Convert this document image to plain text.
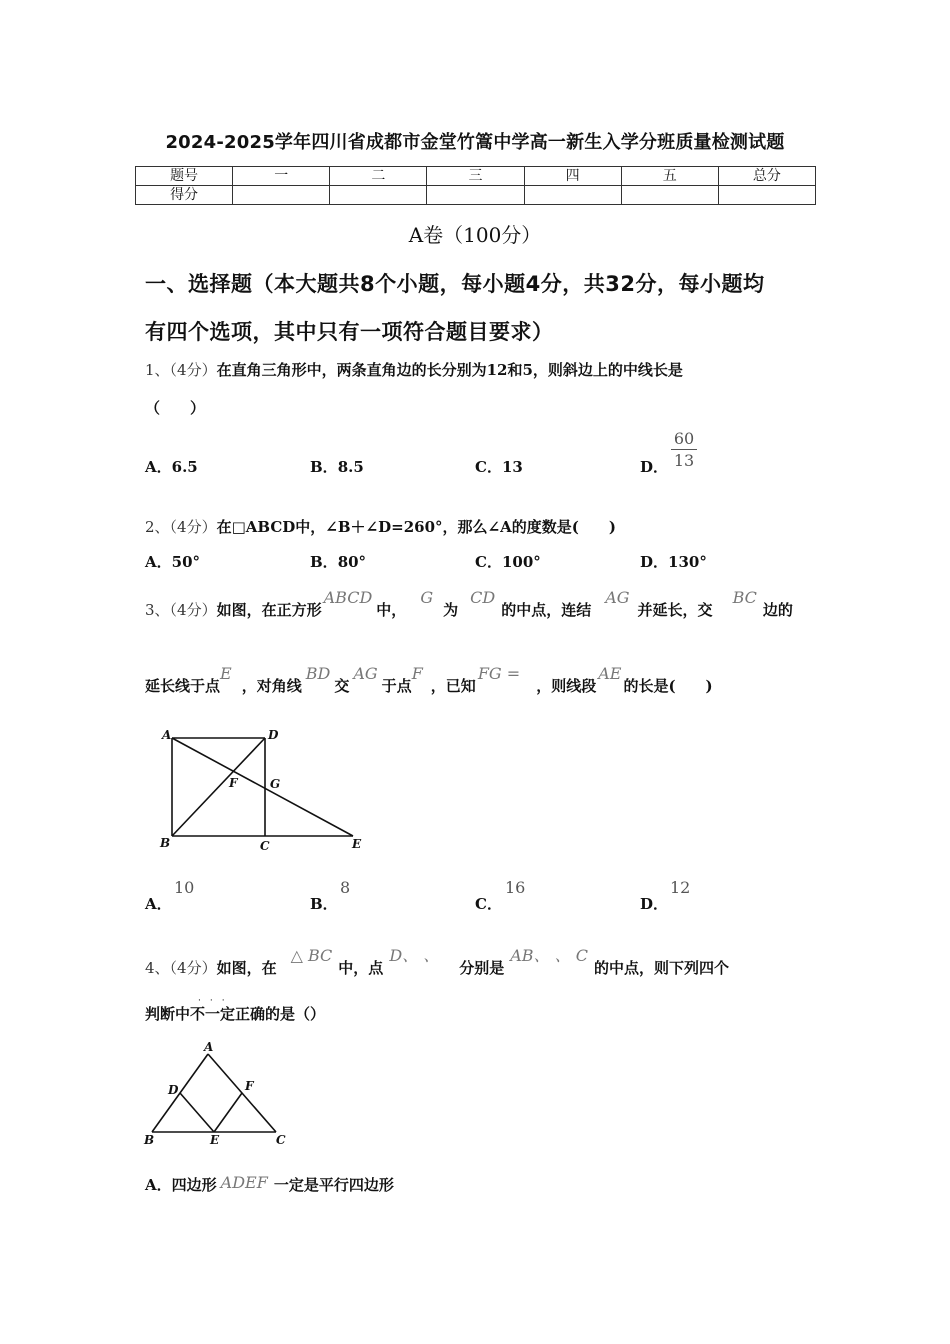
2024-2025学年四川省成都市金堂竹篙中学高一新生入学分班质量检测试题
题号	一	二	三	四	五	总分
得分						
A卷（100分）
一、选择题（本大题共8个小题，每小题4分，共32分，每小题均
有四个选项，其中只有一项符合题目要求）
1、（4分）在直角三角形中，两条直角边的长分别为12和5，则斜边上的中线长是
（　　）
A．6.5	B．8.5	C．13	D．
60
13
2、（4分）在□ABCD中，∠B＋∠D=260°，那么∠A的度数是(　　)
A．50°	B．80°	C．100°	D．130°
3、（4分）如图，在正方形ABCD中，G为CD的中点，连结AG并延长，交BC边的
延长线于点E，对角线BD交AG于点F，已知FG =，则线段AE的长是(　　)
A	D
F	G
B	C	E
A．
10
B．
8
C．
16
D．
12
4、（4分）如图，在△ BC中，点D、 、分别是AB、 、 C的中点，则下列四个
判断中不一定正确的是（）
···
A
D	F
B	E	C
A．四边形 ADEF 一定是平行四边形
